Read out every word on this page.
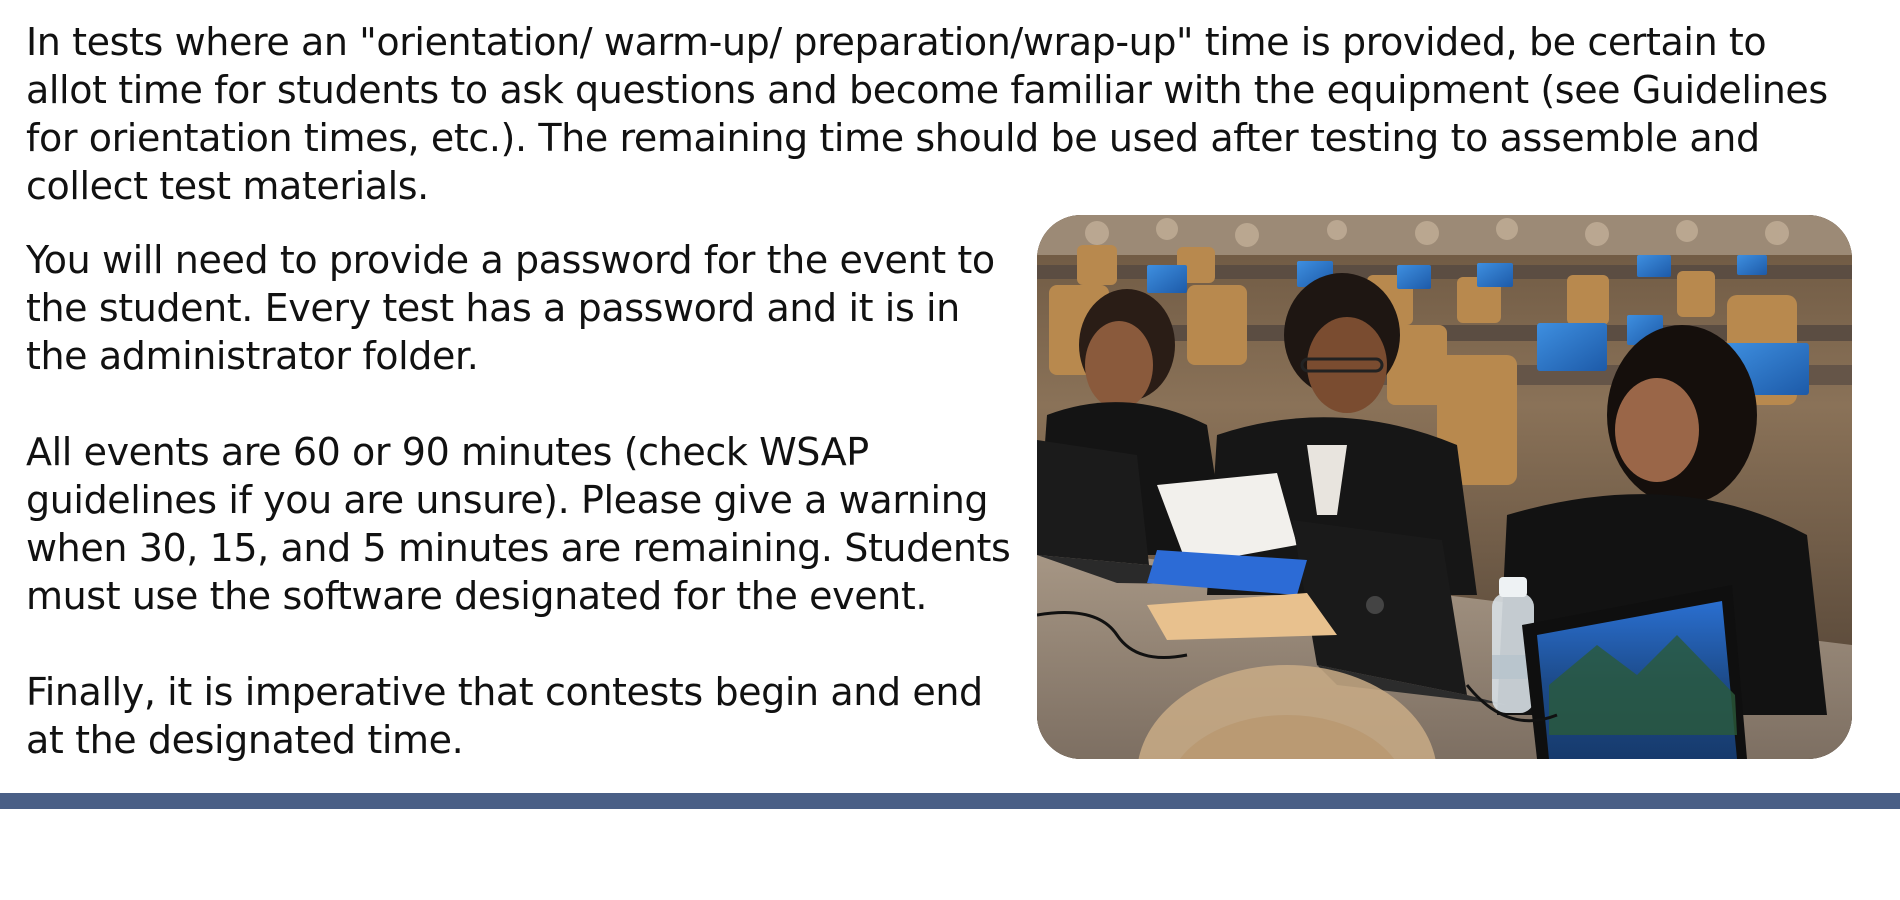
In tests where an "orientation/ warm-up/ preparation/wrap-up" time is provided, be certain to allot time for students to ask questions and become familiar with the equipment (see Guidelines for orientation times, etc.). The remaining time should be used after testing to assemble and collect test materials.

You will need to provide a password for the event to the student. Every test has a password and it is in the administrator folder.

All events are 60 or 90 minutes (check WSAP guidelines if you are unsure). Please give a warning when 30, 15, and 5 minutes are remaining. Students must use the software designated for the event.

Finally, it is imperative that contests begin and end at the designated time.
